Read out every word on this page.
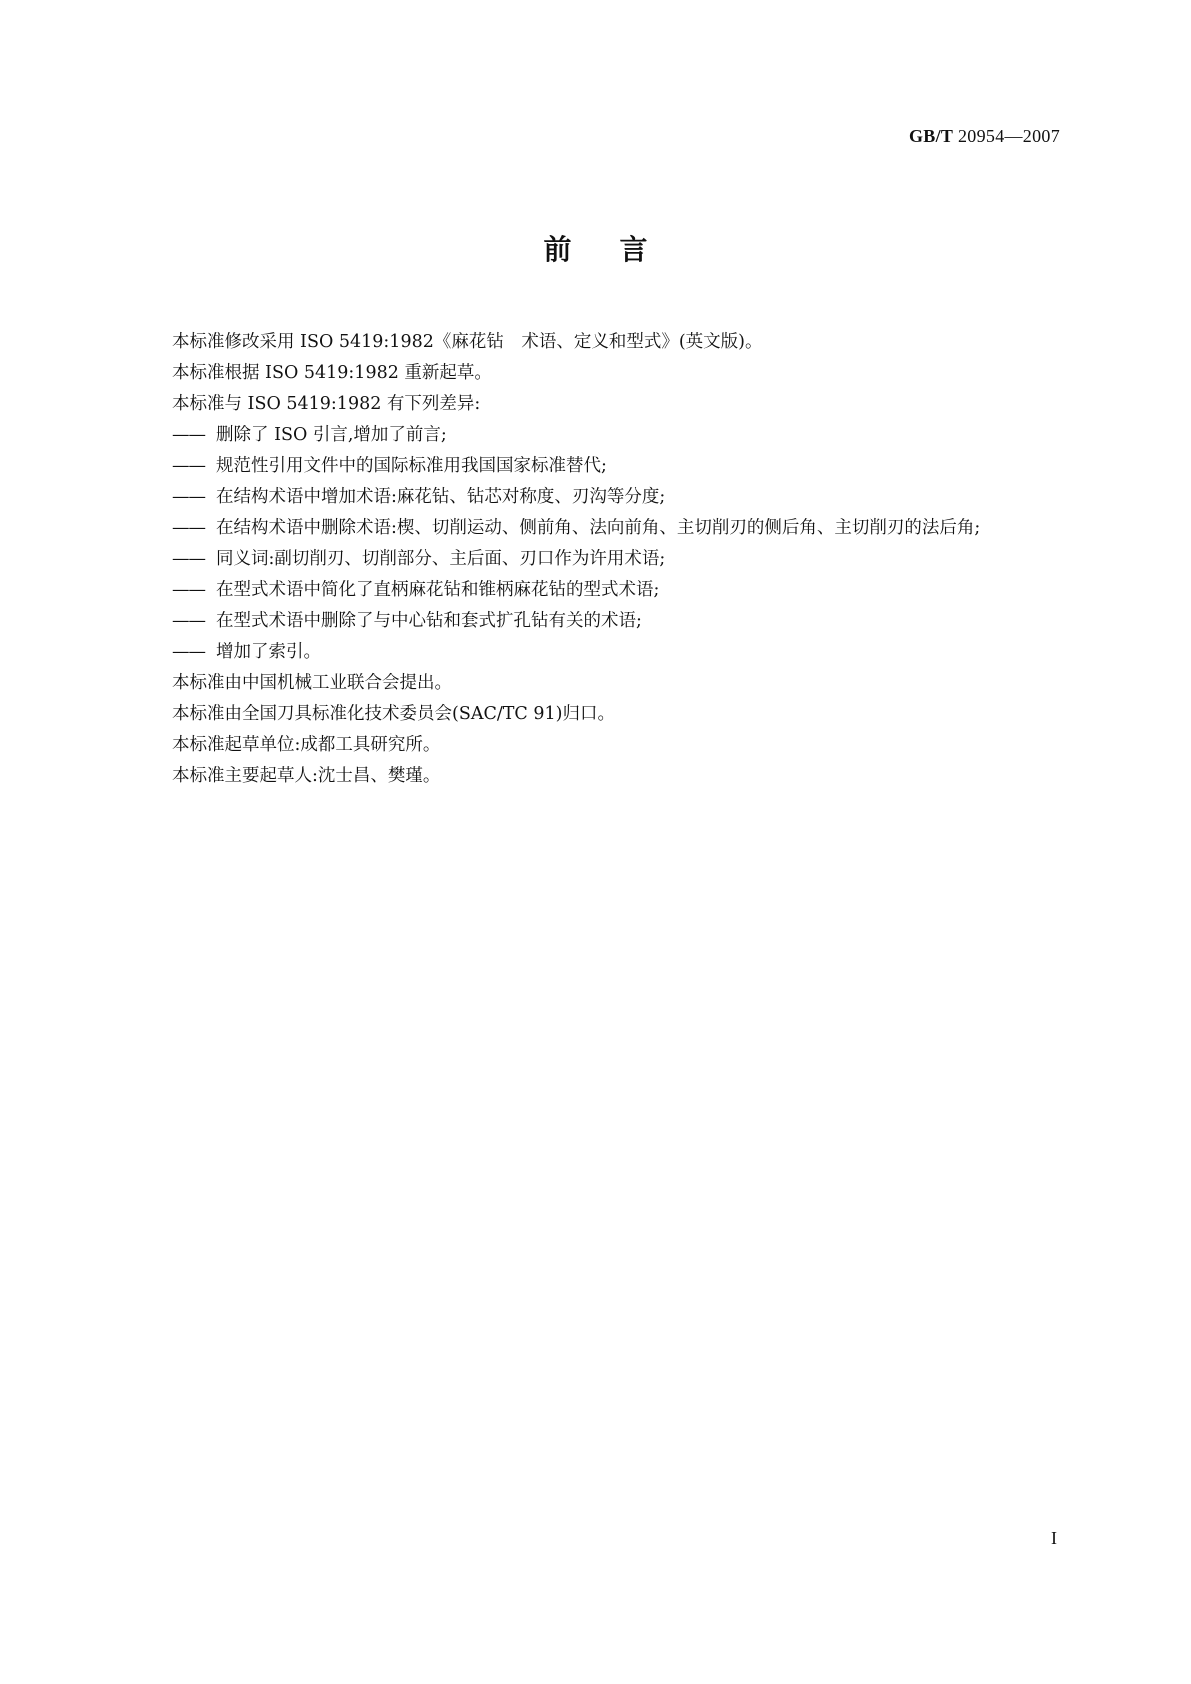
GB/T 20954—2007
前言

本标准修改采用 ISO 5419:1982《麻花钻　术语、定义和型式》(英文版)。

本标准根据 ISO 5419:1982 重新起草。

本标准与 ISO 5419:1982 有下列差异:

—— 删除了 ISO 引言,增加了前言;

—— 规范性引用文件中的国际标准用我国国家标准替代;

—— 在结构术语中增加术语:麻花钻、钻芯对称度、刃沟等分度;

—— 在结构术语中删除术语:楔、切削运动、侧前角、法向前角、主切削刃的侧后角、主切削刃的法后角;

—— 同义词:副切削刃、切削部分、主后面、刃口作为许用术语;

—— 在型式术语中简化了直柄麻花钻和锥柄麻花钻的型式术语;

—— 在型式术语中删除了与中心钻和套式扩孔钻有关的术语;

—— 增加了索引。

本标准由中国机械工业联合会提出。

本标准由全国刀具标准化技术委员会(SAC/TC 91)归口。

本标准起草单位:成都工具研究所。

本标准主要起草人:沈士昌、樊瑾。

I
